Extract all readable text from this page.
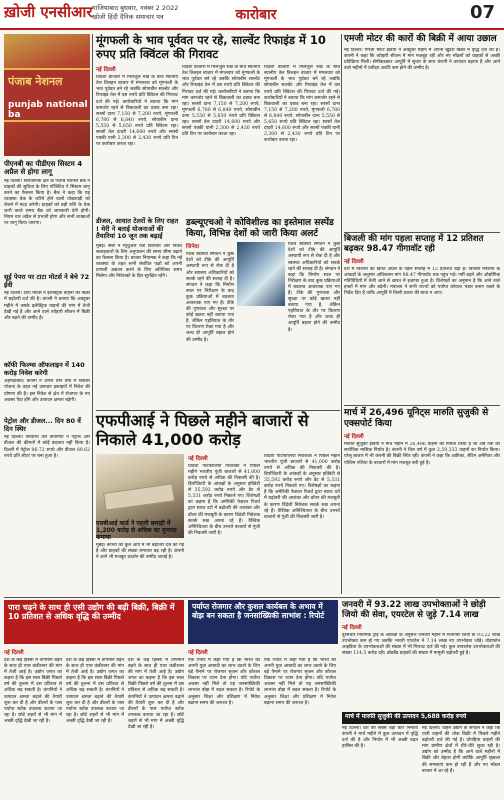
ख़ोजी एनसीआर गाजियाबाद बुधवार, नवंबर 2 2022
खोजी हिंदी दैनिक समाचार पत्र	कारोबार	07
पंजाब नेशनल
punjab national ba
पीएनबी का पीडीएस सिस्टम 4 अप्रैल से होगा लागू
नई दिल्ली। सार्वजनिक क्षेत्र के पंजाब नेशनल बैंक ने ग्राहकों की सुविधा के लिए पॉजिटिव पे सिस्टम लागू करने का फैसला किया है। बैंक ने कहा कि यह व्यवस्था चेक के जरिये होने वाली धोखाधड़ी को रोकने में मदद करेगी। ग्राहकों को बड़ी राशि के चेक जारी करते समय बैंक को जानकारी देनी होगी। नियम चार अप्रैल से प्रभावी होगा और सभी शाखाओं पर लागू किया जाएगा।
सूई पेपरा पर टाटा मोटर्स ने बेचे 72 ईवी
नई दिल्ली। टाटा मोटर्स ने इलेक्ट्रिक वाहनों की बिक्री में बढ़ोतरी दर्ज की है। कंपनी ने बताया कि अक्टूबर महीने में उसके इलेक्ट्रिक वाहनों की मांग में तेजी देखी गई है और आने वाले त्योहारी सीजन में बिक्री और बढ़ने की उम्मीद है।
कॉफी फिल्म्स ऑफलाइन में 140 करोड़ निवेश करेगी
अहमदाबाद। कंपनी ने अगले तीन वर्षों में विस्तार योजना के तहत नई उत्पादन इकाइयों में निवेश की घोषणा की है। इस निवेश से क्षेत्र में रोजगार के नए अवसर पैदा होंगे और उत्पादन क्षमता बढ़ेगी।
पेट्रोल और डीजल... दिन 80 वें दिन स्थिर
नई दिल्ली। सरकारी तेल कंपनियों ने पेट्रोल और डीजल की कीमतों में कोई बदलाव नहीं किया है। दिल्ली में पेट्रोल 96.72 रुपये और डीजल 89.62 रुपये प्रति लीटर पर बना हुआ है।
मूंगफली के भाव पूर्ववत पर रहे, साल्वेंट रिफाइंड में 10 रुपए प्रति क्विंटल की गिरावट
नई दिल्ली
विदेशी बाजारों में मिलेजुले रुख के बीच स्थानीय तेल तिलहन बाजार में मंगलवार को मूंगफली के भाव पूर्ववत बने रहे जबकि सोयाबीन साल्वेंट और रिफाइंड तेल में दस रुपये प्रति क्विंटल की गिरावट दर्ज की गई। कारोबारियों ने बताया कि मांग कमजोर रहने से बिकवाली का दबाव बना रहा। सरसों दाना 7,150 से 7,200 रुपये, मूंगफली 6,780 से 6,840 रुपये, सोयाबीन दाना 5,550 से 5,650 रुपये प्रति क्विंटल रहा। सरसों तेल दादरी 14,600 रुपये और सरसों पक्की घानी 2,300 से 2,430 रुपये प्रति टिन पर कारोबार करता रहा।
विदेशी बाजारों में मिलेजुले रुख के बीच स्थानीय तेल तिलहन बाजार में मंगलवार को मूंगफली के भाव पूर्ववत बने रहे जबकि सोयाबीन साल्वेंट और रिफाइंड तेल में दस रुपये प्रति क्विंटल की गिरावट दर्ज की गई। कारोबारियों ने बताया कि मांग कमजोर रहने से बिकवाली का दबाव बना रहा। सरसों दाना 7,150 से 7,200 रुपये, मूंगफली 6,780 से 6,840 रुपये, सोयाबीन दाना 5,550 से 5,650 रुपये प्रति क्विंटल रहा। सरसों तेल दादरी 14,600 रुपये और सरसों पक्की घानी 2,300 से 2,430 रुपये प्रति टिन पर कारोबार करता रहा।
विदेशी बाजारों में मिलेजुले रुख के बीच स्थानीय तेल तिलहन बाजार में मंगलवार को मूंगफली के भाव पूर्ववत बने रहे जबकि सोयाबीन साल्वेंट और रिफाइंड तेल में दस रुपये प्रति क्विंटल की गिरावट दर्ज की गई। कारोबारियों ने बताया कि मांग कमजोर रहने से बिकवाली का दबाव बना रहा। सरसों दाना 7,150 से 7,200 रुपये, मूंगफली 6,780 से 6,840 रुपये, सोयाबीन दाना 5,550 से 5,650 रुपये प्रति क्विंटल रहा। सरसों तेल दादरी 14,600 रुपये और सरसों पक्की घानी 2,300 से 2,430 रुपये प्रति टिन पर कारोबार करता रहा।
डीजल, आयात टेलरों के लिए राहत ! मेरी ने बताई योजनाओं की तैयारियां 10 जून तक बढ़ाई
मुंबई। सेबी ने म्यूचुअल फंड वितरकों और निवेश सलाहकारों के लिए अनुपालन की समय सीमा बढ़ाने का फैसला किया है। बाजार नियामक ने कहा कि नई व्यवस्था के तहत सभी संबंधित पक्षों को अपनी प्रणाली अद्यतन करने के लिए अतिरिक्त समय मिलेगा और निवेशकों के हित सुरक्षित रहेंगे।
डब्ल्यूएचओ ने कोविशील्ड का इस्तेमाल सस्पेंड किया, विभिन्न देशों को जारी किया अलर्ट
जिनेवा
विश्व स्वास्थ्य संगठन ने कुछ देशों को टीके की आपूर्ति अस्थायी रूप से रोक दी है और स्वास्थ्य अधिकारियों को सतर्क रहने की सलाह दी है। संगठन ने कहा कि निर्माण स्थल पर निरीक्षण के बाद कुछ प्रक्रियाओं में बदलाव आवश्यक पाए गए हैं। टीके की गुणवत्ता और सुरक्षा पर कोई खतरा नहीं बताया गया है, लेकिन एहतियात के तौर पर वितरण रोका गया है और जल्द ही आपूर्ति बहाल होने की उम्मीद है।
विश्व स्वास्थ्य संगठन ने कुछ देशों को टीके की आपूर्ति अस्थायी रूप से रोक दी है और स्वास्थ्य अधिकारियों को सतर्क रहने की सलाह दी है। संगठन ने कहा कि निर्माण स्थल पर निरीक्षण के बाद कुछ प्रक्रियाओं में बदलाव आवश्यक पाए गए हैं। टीके की गुणवत्ता और सुरक्षा पर कोई खतरा नहीं बताया गया है, लेकिन एहतियात के तौर पर वितरण रोका गया है और जल्द ही आपूर्ति बहाल होने की उम्मीद है।
एमजी मोटर की कारों की बिक्री में आया उछाल
नई दिल्ली। एमजी मोटर इंडिया ने अक्टूबर महीने में अपनी खुदरा बिक्री में वृद्धि दर्ज की है। कंपनी ने कहा कि त्योहारी सीजन में मांग मजबूत रही और नए मॉडलों को ग्राहकों से अच्छी प्रतिक्रिया मिली। सेमीकंडक्टर आपूर्ति में सुधार के साथ कंपनी ने उत्पादन बढ़ाया है और आने वाले महीनों में प्रतीक्षा अवधि कम होने की उम्मीद है।
बिजली की मांग पहला सप्ताह में 12 प्रतिशत बढ़कर 98.47 गीगावॉट रही
नई दिल्ली
देश में बिजली की खपत अप्रैल के पहले सप्ताह में 12 प्रतिशत बढ़ी है। बिजली मंत्रालय के आंकड़ों के अनुसार अधिकतम मांग 98.47 गीगावॉट तक पहुंच गई। गर्मी बढ़ने और औद्योगिक गतिविधियों में तेजी आने से खपत में इजाफा हुआ है। विशेषज्ञों का अनुमान है कि आने वाले हफ्तों में मांग और बढ़ेगी। मंत्रालय ने सभी राज्यों को पर्याप्त कोयला भंडार बनाए रखने के निर्देश दिए हैं ताकि आपूर्ति में किसी प्रकार की बाधा न आए।
एफपीआई ने पिछले महीने बाजारों से निकाले 41,000 करोड़
नई दिल्ली
विदेशी पोर्टफोलियो निवेशकों ने पिछले महीने भारतीय पूंजी बाजारों से 41,000 करोड़ रुपये से अधिक की निकासी की है। डिपॉजिटरी के आंकड़ों के अनुसार इक्विटी से 35,592 करोड़ रुपये और डेट से 5,331 करोड़ रुपये निकाले गए। विशेषज्ञों का कहना है कि अमेरिकी फेडरल रिजर्व द्वारा ब्याज दरों में बढ़ोतरी की आशंका और डॉलर की मजबूती के कारण विदेशी निवेशक सतर्क रुख अपना रहे हैं। वैश्विक अनिश्चितता के बीच उभरते बाजारों से पूंजी की निकासी जारी है।
विदेशी पोर्टफोलियो निवेशकों ने पिछले महीने भारतीय पूंजी बाजारों से 41,000 करोड़ रुपये से अधिक की निकासी की है। डिपॉजिटरी के आंकड़ों के अनुसार इक्विटी से 35,592 करोड़ रुपये और डेट से 5,331 करोड़ रुपये निकाले गए। विशेषज्ञों का कहना है कि अमेरिकी फेडरल रिजर्व द्वारा ब्याज दरों में बढ़ोतरी की आशंका और डॉलर की मजबूती के कारण विदेशी निवेशक सतर्क रुख अपना रहे हैं। वैश्विक अनिश्चितता के बीच उभरते बाजारों से पूंजी की निकासी जारी है।
एसबीआई कार्ड ने पहली छमाही में 1,200 करोड़ से अधिक का मुनाफा कमाया
मुंबई। कंपनी की कुल आय में भी बढ़ोतरी दर्ज की गई है और ग्राहकों की संख्या लगातार बढ़ रही है। कंपनी ने आगे भी मजबूत प्रदर्शन की उम्मीद जताई है।
मार्च में 26,496 यूनिट्स मारुति सुजुकी से एक्सपोर्ट किया
नई दिल्ली
मारुति सुजुकी इंडिया ने मार्च महीने में 26,496 वाहनों का निर्यात किया है जो अब तक का सर्वाधिक मासिक निर्यात है। कंपनी ने वित्त वर्ष में कुल 2,59,333 वाहनों का निर्यात किया। घरेलू बाजार में भी कंपनी की बिक्री स्थिर रही। कंपनी ने कहा कि अफ्रीका, लैटिन अमेरिका और पश्चिम एशिया के बाजारों में मांग मजबूत बनी हुई है।
पारा चढ़ने के साथ ही एसी उद्योग की बढ़ी बिक्री, बिक्री में 10 प्रतिशत से अधिक वृद्धि की उम्मीद
नई दिल्ली
देश के कई हिस्सों में तापमान बढ़ने के साथ ही एयर कंडीशनर की मांग में तेजी आई है। उद्योग जगत का कहना है कि इस साल बिक्री पिछले वर्ष की तुलना में दस प्रतिशत से अधिक बढ़ सकती है। कंपनियों ने उत्पादन क्षमता बढ़ाने की तैयारी शुरू कर दी है और डीलरों के पास पर्याप्त स्टॉक उपलब्ध कराया जा रहा है। छोटे शहरों से भी मांग में अच्छी वृद्धि देखी जा रही है।
देश के कई हिस्सों में तापमान बढ़ने के साथ ही एयर कंडीशनर की मांग में तेजी आई है। उद्योग जगत का कहना है कि इस साल बिक्री पिछले वर्ष की तुलना में दस प्रतिशत से अधिक बढ़ सकती है। कंपनियों ने उत्पादन क्षमता बढ़ाने की तैयारी शुरू कर दी है और डीलरों के पास पर्याप्त स्टॉक उपलब्ध कराया जा रहा है। छोटे शहरों से भी मांग में अच्छी वृद्धि देखी जा रही है।
देश के कई हिस्सों में तापमान बढ़ने के साथ ही एयर कंडीशनर की मांग में तेजी आई है। उद्योग जगत का कहना है कि इस साल बिक्री पिछले वर्ष की तुलना में दस प्रतिशत से अधिक बढ़ सकती है। कंपनियों ने उत्पादन क्षमता बढ़ाने की तैयारी शुरू कर दी है और डीलरों के पास पर्याप्त स्टॉक उपलब्ध कराया जा रहा है। छोटे शहरों से भी मांग में अच्छी वृद्धि देखी जा रही है।
पर्याप्त रोजगार और कुशल कार्यबल के अभाव में बोझ बन सकता है जनसांख्यिकी लाभांश : रिपोर्ट
नई दिल्ली
एक रिपोर्ट में कहा गया है कि भारत को अपनी युवा आबादी का लाभ उठाने के लिए बड़े पैमाने पर रोजगार सृजन और कौशल विकास पर ध्यान देना होगा। यदि पर्याप्त अवसर नहीं मिले तो यह जनसांख्यिकी लाभांश बोझ में बदल सकता है। रिपोर्ट के अनुसार शिक्षा और प्रशिक्षण में निवेश बढ़ाना समय की जरूरत है।
एक रिपोर्ट में कहा गया है कि भारत को अपनी युवा आबादी का लाभ उठाने के लिए बड़े पैमाने पर रोजगार सृजन और कौशल विकास पर ध्यान देना होगा। यदि पर्याप्त अवसर नहीं मिले तो यह जनसांख्यिकी लाभांश बोझ में बदल सकता है। रिपोर्ट के अनुसार शिक्षा और प्रशिक्षण में निवेश बढ़ाना समय की जरूरत है।
जनवरी में 93.22 लाख उपभोक्ताओं ने छोड़ी जियो की सेवा, एयरटेल से जुड़े 7.14 लाख
नई दिल्ली
दूरसंचार नियामक ट्राई के आंकड़ों के अनुसार जनवरी महीने में रिलायंस जियो के 93.22 लाख उपभोक्ता कम हो गए जबकि भारती एयरटेल ने 7.14 लाख नए उपभोक्ता जोड़े। वोडाफोन आइडिया के उपभोक्ताओं की संख्या में भी गिरावट दर्ज की गई। कुल वायरलेस उपभोक्ताओं की संख्या 114.5 करोड़ रही। ब्रॉडबैंड ग्राहकों की संख्या में मामूली बढ़ोतरी हुई है।
मार्च में मारुति सुजुकी की उत्पादन 5,688 करोड़ रुपये
नई दिल्ली। देश की सबसे बड़ी कार निर्माता कंपनी ने मार्च महीने में कुल उत्पादन में वृद्धि दर्ज की है और निर्यात में भी अच्छी बढ़त हासिल की है।
नई दिल्ली। वाहन उद्योग के संगठन ने कहा कि यात्री वाहनों की थोक बिक्री में पिछले महीने बढ़ोतरी दर्ज की गई है। दोपहिया वाहनों की मांग ग्रामीण क्षेत्रों में धीरे-धीरे सुधर रही है। उद्योग को उम्मीद है कि आने वाले महीनों में बिक्री और बेहतर होगी क्योंकि आपूर्ति श्रृंखला की समस्याएं कम हो रही हैं और नए मॉडल बाजार में आ रहे हैं।
